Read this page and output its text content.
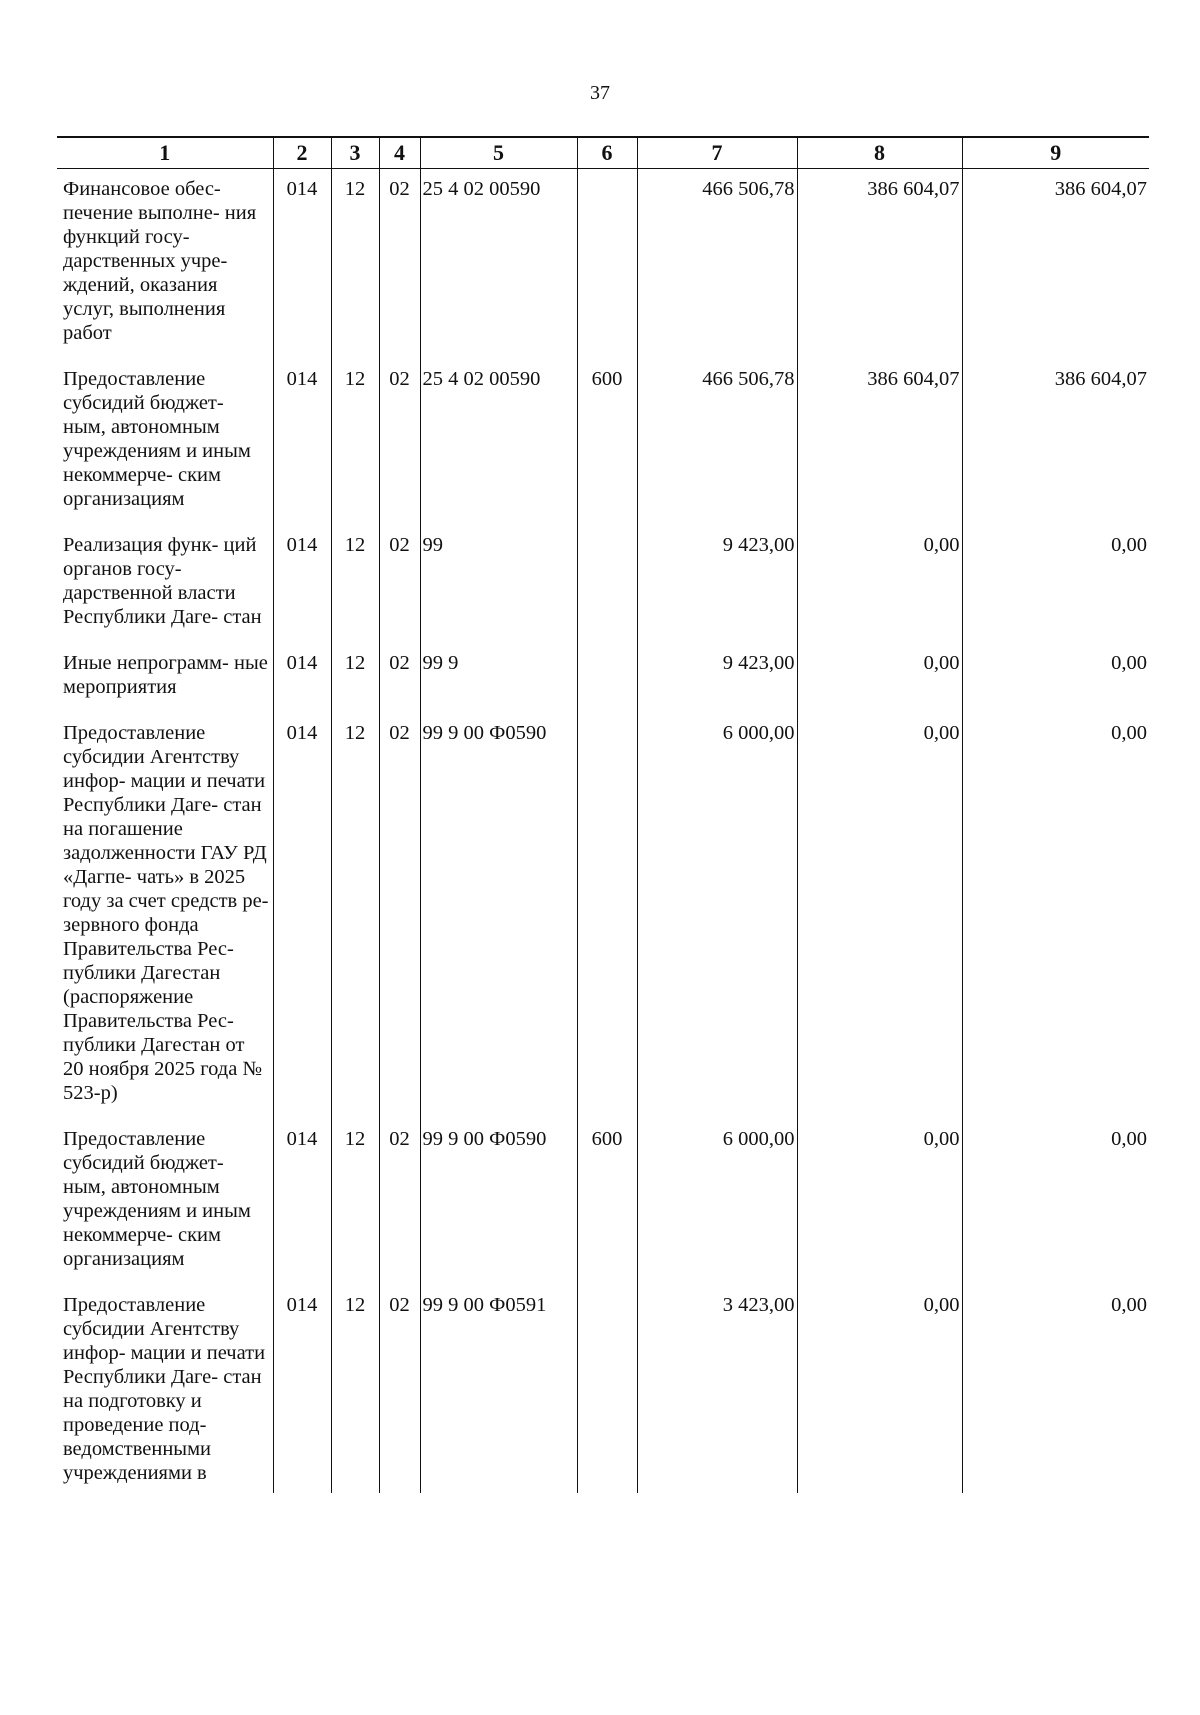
37
1	2	3	4	5	6	7	8	9
Финансовое обес- печение выполне- ния функций госу- дарственных учре- ждений, оказания услуг, выполнения работ	014	12	02	25 4 02 00590		466 506,78	386 604,07	386 604,07
Предоставление субсидий бюджет- ным, автономным учреждениям и иным некоммерче- ским организациям	014	12	02	25 4 02 00590	600	466 506,78	386 604,07	386 604,07
Реализация функ- ций органов госу- дарственной власти Республики Даге- стан	014	12	02	99		9 423,00	0,00	0,00
Иные непрограмм- ные мероприятия	014	12	02	99 9		9 423,00	0,00	0,00
Предоставление субсидии Агентству инфор- мации и печати Республики Даге- стан на погашение задолженности ГАУ РД «Дагпе- чать» в 2025 году за счет средств ре- зервного фонда Правительства Рес- публики Дагестан (распоряжение Правительства Рес- публики Дагестан от 20 ноября 2025 года № 523-р)	014	12	02	99 9 00 Ф0590		6 000,00	0,00	0,00
Предоставление субсидий бюджет- ным, автономным учреждениям и иным некоммерче- ским организациям	014	12	02	99 9 00 Ф0590	600	6 000,00	0,00	0,00
Предоставление субсидии Агентству инфор- мации и печати Республики Даге- стан на подготовку и проведение под- ведомственными учреждениями в	014	12	02	99 9 00 Ф0591		3 423,00	0,00	0,00
